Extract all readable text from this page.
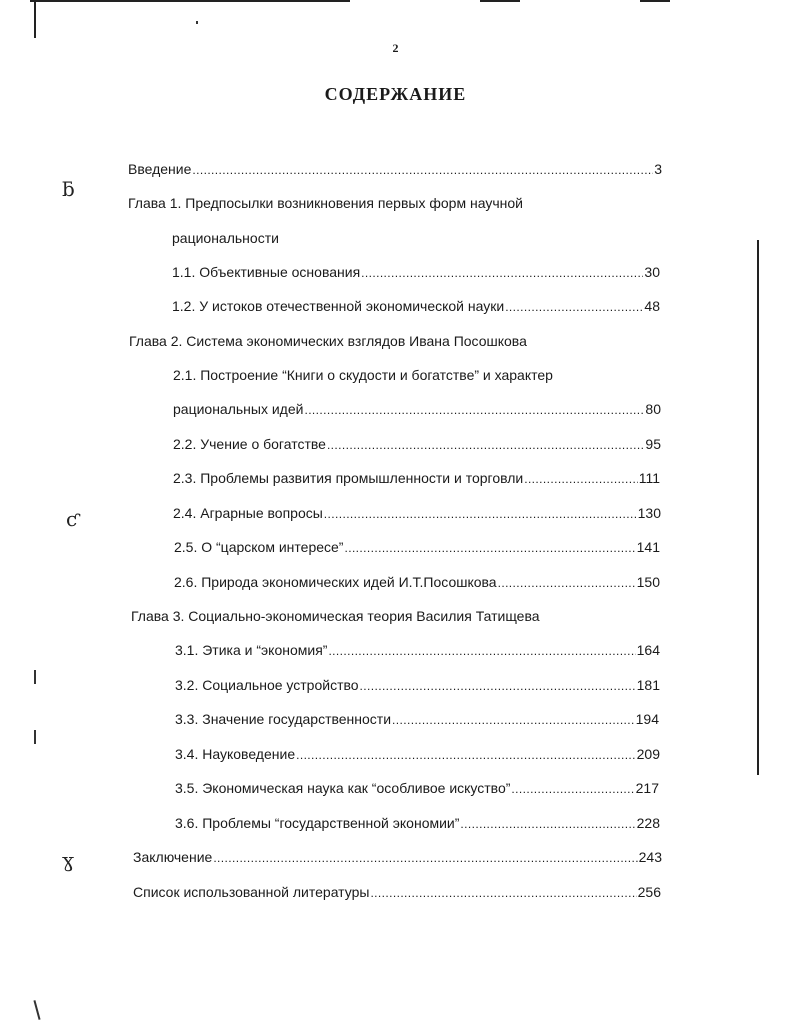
ƃ
ƈ
ɣ
2
СОДЕРЖАНИЕ
Введение .....	3
Глава 1. Предпосылки возникновения первых форм научной
рациональности
1.1. Объективные основания .....	30
1.2. У истоков отечественной экономической науки .....	48
Глава 2. Система экономических взглядов Ивана Посошкова
2.1. Построение “Книги о скудости и богатстве” и характер
рациональных идей .....	80
2.2. Учение о богатстве .....	95
2.3. Проблемы развития промышленности и торговли .....	111
2.4. Аграрные вопросы .....	130
2.5. О “царском интересе” .....	141
2.6. Природа экономических идей И.Т.Посошкова .....	150
Глава 3. Социально-экономическая теория Василия Татищева
3.1. Этика и “экономия” .....	164
3.2. Социальное устройство .....	181
3.3. Значение государственности .....	194
3.4. Науковедение .....	209
3.5. Экономическая наука как “особливое искуство” .....	217
3.6. Проблемы “государственной экономии” .....	228
Заключение .....	243
Список использованной литературы .....	256
